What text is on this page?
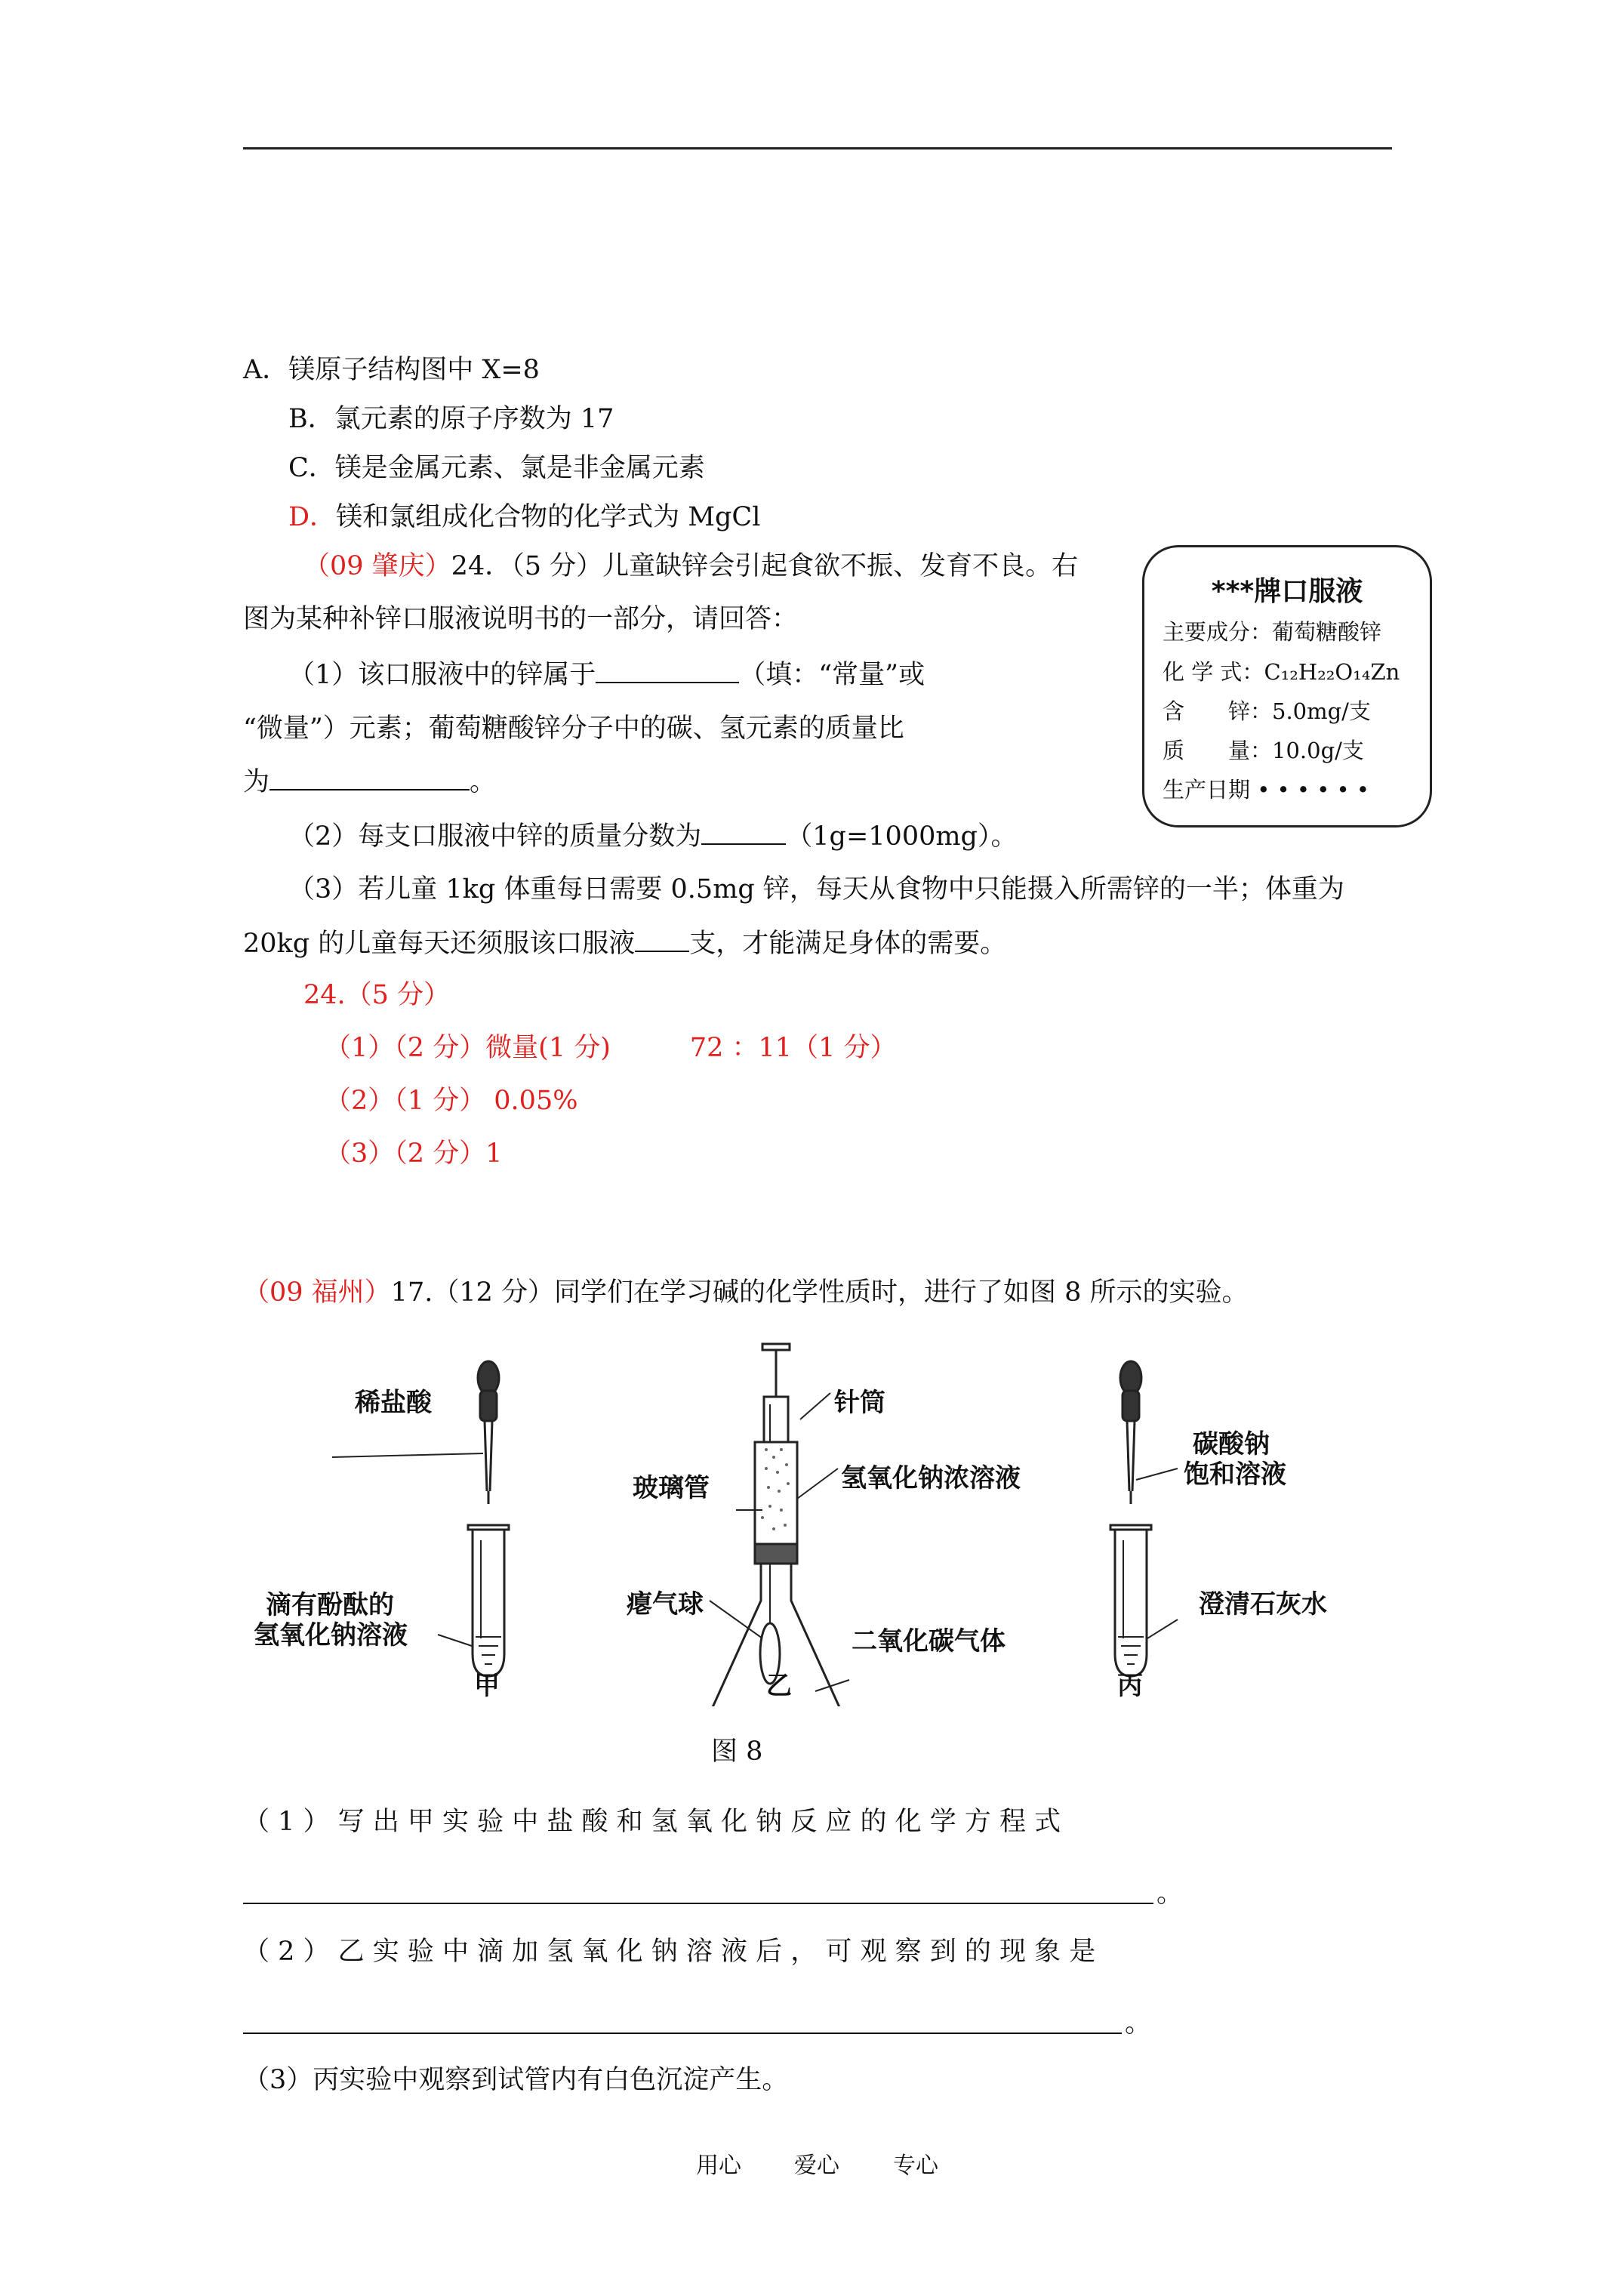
A．镁原子结构图中 X=8
B．氯元素的原子序数为 17
C．镁是金属元素、氯是非金属元素
D．镁和氯组成化合物的化学式为 MgCl
（09 肇庆）24．（5 分）儿童缺锌会引起食欲不振、发育不良。右
图为某种补锌口服液说明书的一部分，请回答：
（1）该口服液中的锌属于	（填：“常量”或
“微量”）元素；葡萄糖酸锌分子中的碳、氢元素的质量比
为	。
（2）每支口服液中锌的质量分数为	（1g=1000mg）。
（3）若儿童 1kg 体重每日需要 0.5mg 锌，每天从食物中只能摄入所需锌的一半；体重为
20kg 的儿童每天还须服该口服液 支，才能满足身体的需要。
***牌口服液
主要成分：葡萄糖酸锌
化 学 式：C₁₂H₂₂O₁₄Zn
含　　锌：5.0mg/支
质　　量：10.0g/支
生产日期 • • • • • •
24.（5 分）
（1）（2 分）微量(1 分)　　　72 ：11（1 分）
（2）（1 分） 0.05%
（3）（2 分）1
（09 福州）17.（12 分）同学们在学习碱的化学性质时，进行了如图 8 所示的实验。
稀盐酸
滴有酚酞的
氢氧化钠溶液
甲
针筒
玻璃管	氢氧化钠浓溶液
瘪气球
二氧化碳气体
乙
碳酸钠
饱和溶液
澄清石灰水
丙
图 8
（ 1 ） 写 出 甲 实 验 中 盐 酸 和 氢 氧 化 钠 反 应 的 化 学 方 程 式
。
（ 2 ） 乙 实 验 中 滴 加 氢 氧 化 钠 溶 液 后 ， 可 观 察 到 的 现 象 是
。
（3）丙实验中观察到试管内有白色沉淀产生。
用心 爱心 专心
